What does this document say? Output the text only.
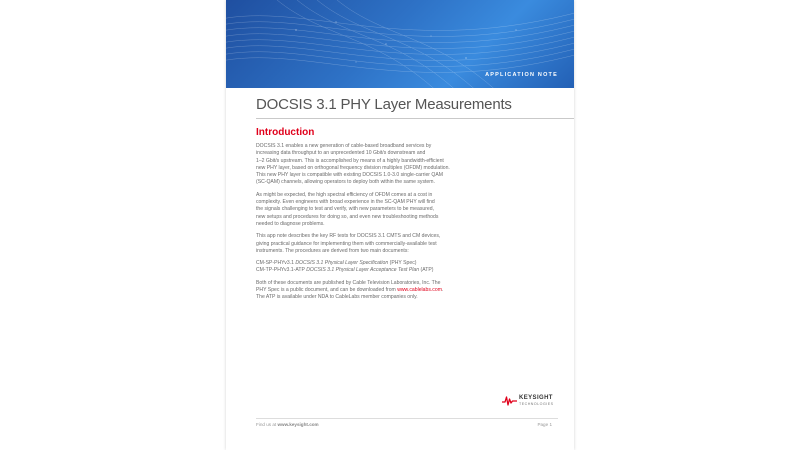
APPLICATION NOTE
DOCSIS 3.1 PHY Layer Measurements
Introduction

DOCSIS 3.1 enables a new generation of cable-based broadband services by
increasing data throughput to an unprecedented 10 Gbit/s downstream and
1–2 Gbit/s upstream. This is accomplished by means of a highly bandwidth-efficient
new PHY layer, based on orthogonal frequency division multiplex (OFDM) modulation.
This new PHY layer is compatible with existing DOCSIS 1.0-3.0 single-carrier QAM
(SC-QAM) channels, allowing operators to deploy both within the same system.

As might be expected, the high spectral efficiency of OFDM comes at a cost in
complexity. Even engineers with broad experience in the SC-QAM PHY will find
the signals challenging to test and verify, with new parameters to be measured,
new setups and procedures for doing so, and even new troubleshooting methods
needed to diagnose problems.

This app note describes the key RF tests for DOCSIS 3.1 CMTS and CM devices,
giving practical guidance for implementing them with commercially-available test
instruments. The procedures are derived from two main documents:

CM-SP-PHYv3.1 DOCSIS 3.1 Physical Layer Specification (PHY Spec)
CM-TP-PHYv3.1-ATP DOCSIS 3.1 Physical Layer Acceptance Test Plan (ATP)

Both of these documents are published by Cable Television Laboratories, Inc. The
PHY Spec is a public document, and can be downloaded from www.cablelabs.com.
The ATP is available under NDA to CableLabs member companies only.

KEYSIGHT
TECHNOLOGIES
Find us at www.keysight.com	Page 1
